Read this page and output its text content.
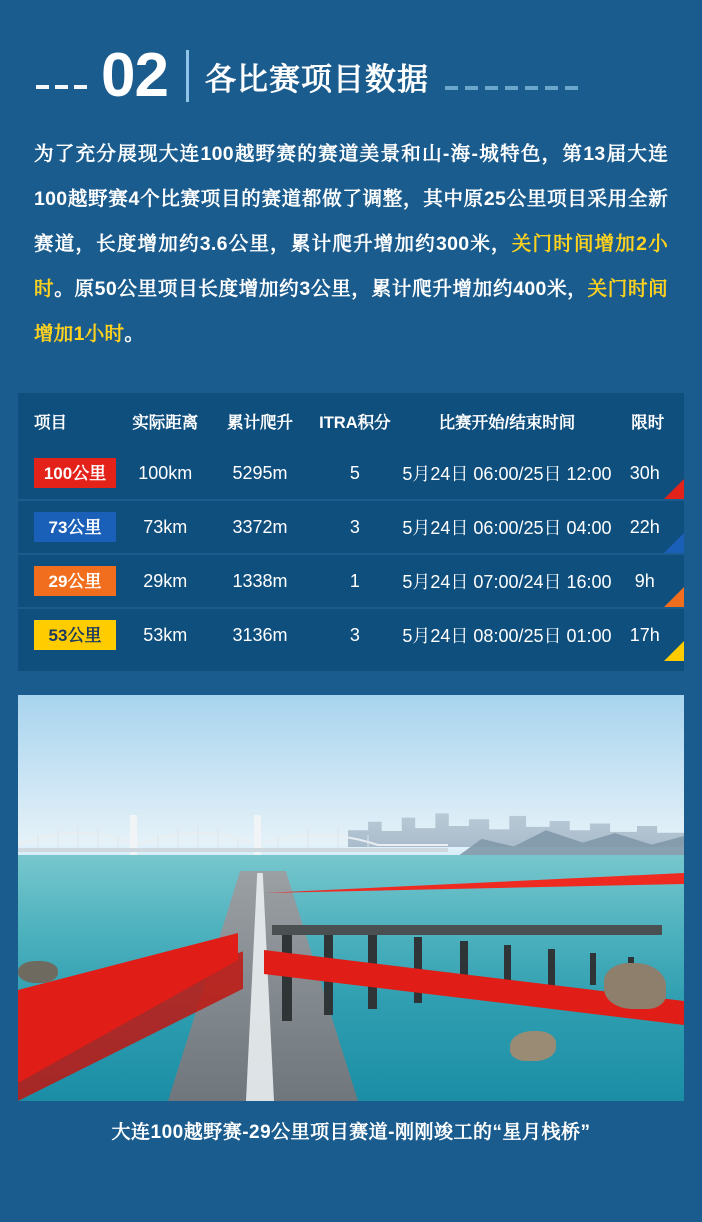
02 各比赛项目数据
为了充分展现大连100越野赛的赛道美景和山-海-城特色，第13届大连100越野赛4个比赛项目的赛道都做了调整，其中原25公里项目采用全新赛道，长度增加约3.6公里，累计爬升增加约300米，关门时间增加2小时。原50公里项目长度增加约3公里，累计爬升增加约400米，关门时间增加1小时。
项目	实际距离	累计爬升	ITRA积分	比赛开始/结束时间	限时
100公里	100km	5295m	5	5月24日 06:00/25日 12:00	30h

73公里	73km	3372m	3	5月24日 06:00/25日 04:00	22h

29公里	29km	1338m	1	5月24日 07:00/24日 16:00	9h

53公里	53km	3136m	3	5月24日 08:00/25日 01:00	17h
大连100越野赛-29公里项目赛道-刚刚竣工的“星月栈桥”
